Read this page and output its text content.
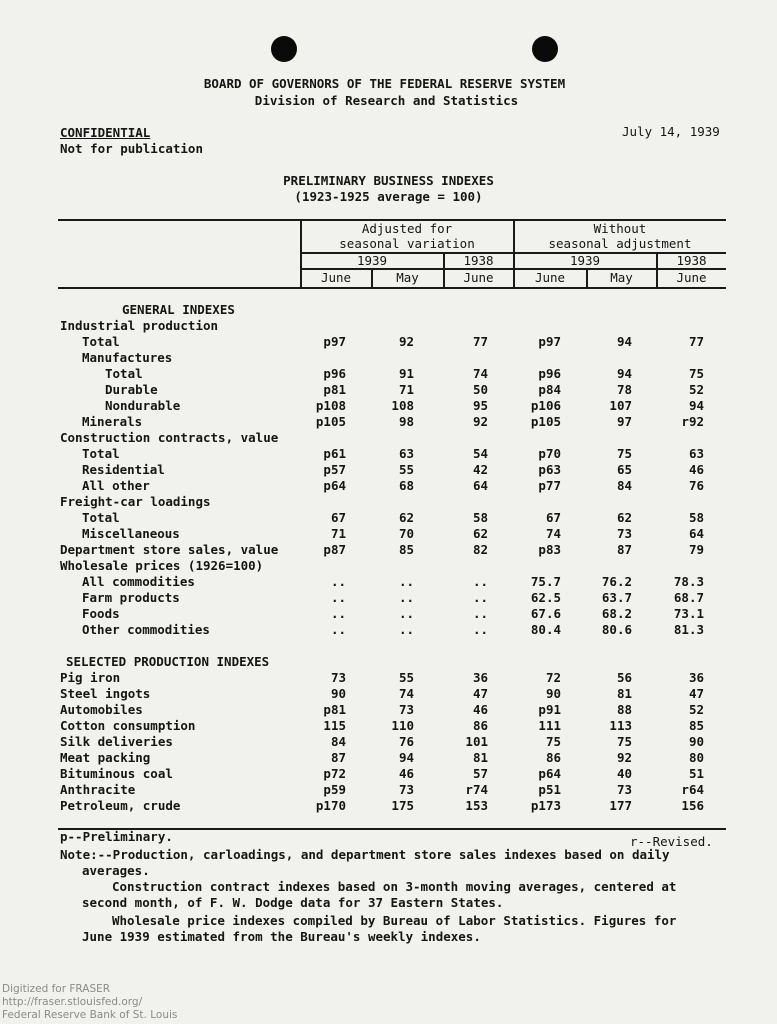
BOARD OF GOVERNORS OF THE FEDERAL RESERVE SYSTEM
Division of Research and Statistics
CONFIDENTIAL
Not for publication
July 14, 1939
PRELIMINARY BUSINESS INDEXES
(1923-1925 average = 100)
Adjusted for
seasonal variation
Without
seasonal adjustment
1939	1938	1939	1938
June	May	June	June	May	June
GENERAL INDEXES
Industrial production
Total	p97	92	77	p97	94	77
Manufactures
Total	p96	91	74	p96	94	75
Durable	p81	71	50	p84	78	52
Nondurable	p108	108	95	p106	107	94
Minerals	p105	98	92	p105	97	r92
Construction contracts, value
Total	p61	63	54	p70	75	63
Residential	p57	55	42	p63	65	46
All other	p64	68	64	p77	84	76
Freight-car loadings
Total	67	62	58	67	62	58
Miscellaneous	71	70	62	74	73	64
Department store sales, value	p87	85	82	p83	87	79
Wholesale prices (1926=100)
All commodities	..	..	..	75.7	76.2	78.3
Farm products	..	..	..	62.5	63.7	68.7
Foods	..	..	..	67.6	68.2	73.1
Other commodities	..	..	..	80.4	80.6	81.3
SELECTED PRODUCTION INDEXES
Pig iron	73	55	36	72	56	36
Steel ingots	90	74	47	90	81	47
Automobiles	p81	73	46	p91	88	52
Cotton consumption	115	110	86	111	113	85
Silk deliveries	84	76	101	75	75	90
Meat packing	87	94	81	86	92	80
Bituminous coal	p72	46	57	p64	40	51
Anthracite	p59	73	r74	p51	73	r64
Petroleum, crude	p170	175	153	p173	177	156
p--Preliminary.	r--Revised.
Note:--Production, carloadings, and department store sales indexes based on daily
averages.
Construction contract indexes based on 3-month moving averages, centered at
second month, of F. W. Dodge data for 37 Eastern States.
Wholesale price indexes compiled by Bureau of Labor Statistics. Figures for
June 1939 estimated from the Bureau's weekly indexes.
Digitized for FRASER
http://fraser.stlouisfed.org/
Federal Reserve Bank of St. Louis
